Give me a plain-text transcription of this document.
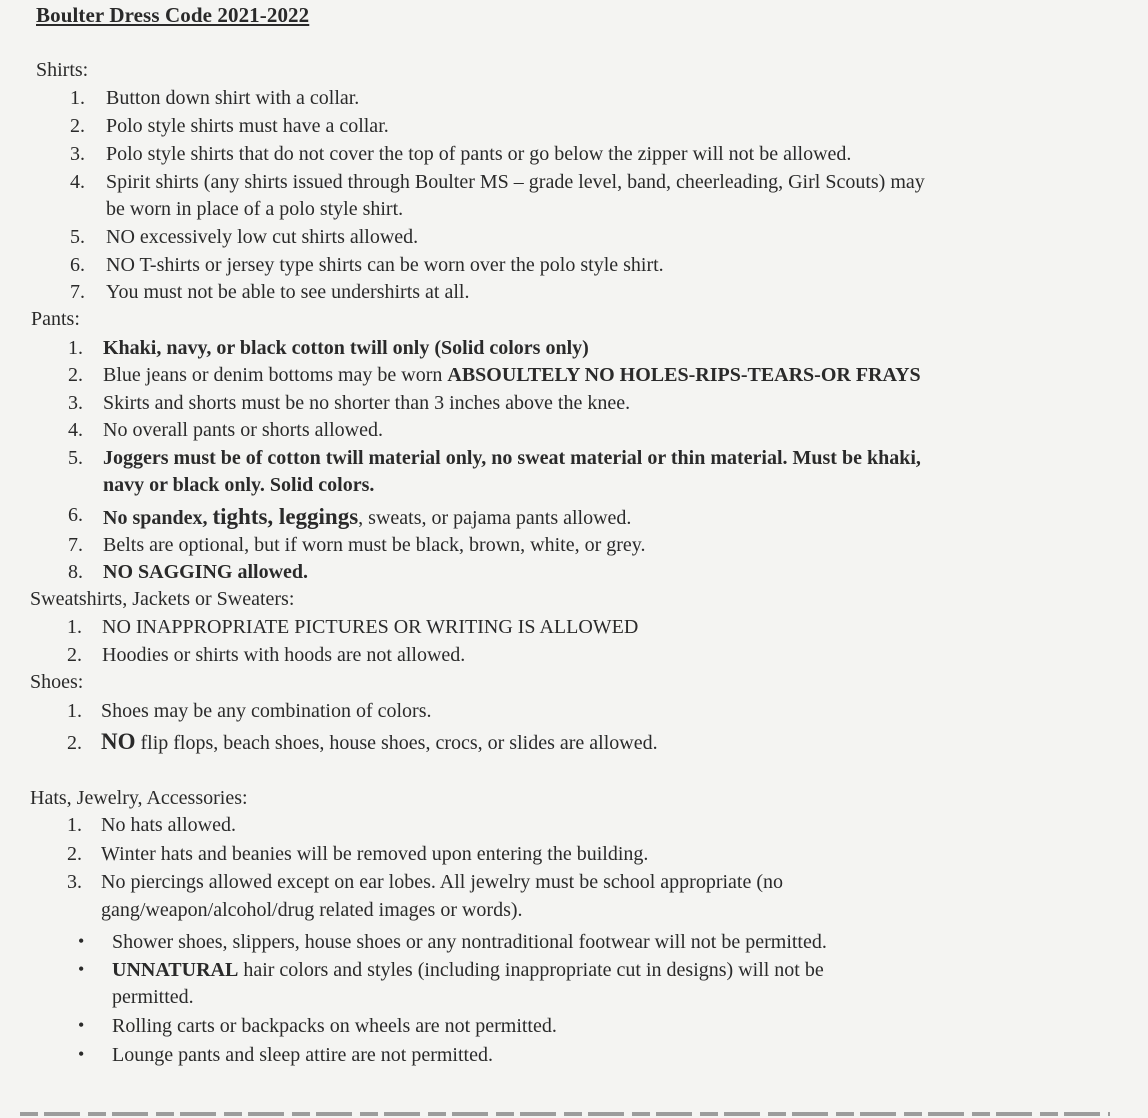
Boulter Dress Code 2021-2022
Shirts:
1. Button down shirt with a collar.
2. Polo style shirts must have a collar.
3. Polo style shirts that do not cover the top of pants or go below the zipper will not be allowed.
4. Spirit shirts (any shirts issued through Boulter MS – grade level, band, cheerleading, Girl Scouts) may
be worn in place of a polo style shirt.
5. NO excessively low cut shirts allowed.
6. NO T-shirts or jersey type shirts can be worn over the polo style shirt.
7. You must not be able to see undershirts at all.
Pants:
1. Khaki, navy, or black cotton twill only (Solid colors only)
2. Blue jeans or denim bottoms may be worn ABSOULTELY NO HOLES-RIPS-TEARS-OR FRAYS
3. Skirts and shorts must be no shorter than 3 inches above the knee.
4. No overall pants or shorts allowed.
5. Joggers must be of cotton twill material only, no sweat material or thin material. Must be khaki,
navy or black only. Solid colors.
6. No spandex, tights, leggings, sweats, or pajama pants allowed.
7. Belts are optional, but if worn must be black, brown, white, or grey.
8. NO SAGGING allowed.
Sweatshirts, Jackets or Sweaters:
1. NO INAPPROPRIATE PICTURES OR WRITING IS ALLOWED
2. Hoodies or shirts with hoods are not allowed.
Shoes:
1. Shoes may be any combination of colors.
2. NO flip flops, beach shoes, house shoes, crocs, or slides are allowed.
Hats, Jewelry, Accessories:
1. No hats allowed.
2. Winter hats and beanies will be removed upon entering the building.
3. No piercings allowed except on ear lobes. All jewelry must be school appropriate (no
gang/weapon/alcohol/drug related images or words).
• Shower shoes, slippers, house shoes or any nontraditional footwear will not be permitted.
• UNNATURAL hair colors and styles (including inappropriate cut in designs) will not be
permitted.
• Rolling carts or backpacks on wheels are not permitted.
• Lounge pants and sleep attire are not permitted.
